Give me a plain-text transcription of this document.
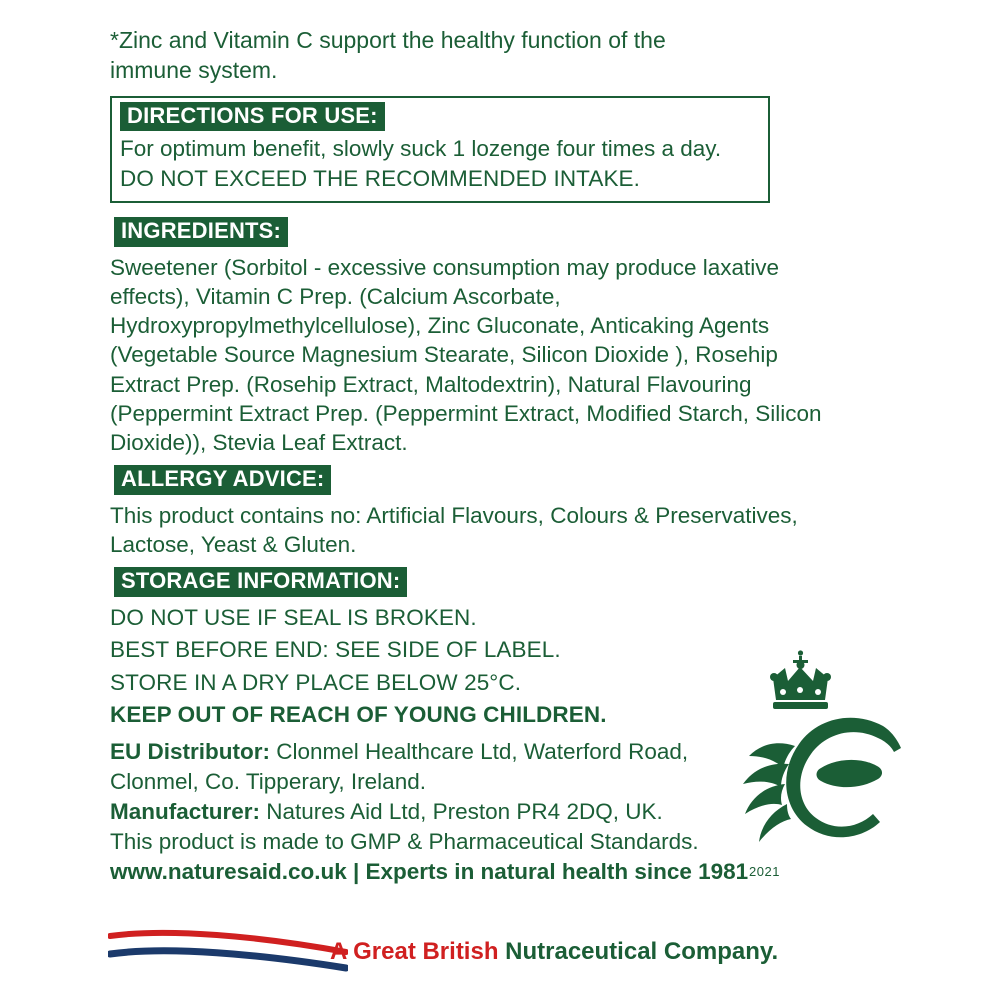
*Zinc and Vitamin C support the healthy function of the immune system.

DIRECTIONS FOR USE:

For optimum benefit, slowly suck 1 lozenge four times a day.

DO NOT EXCEED THE RECOMMENDED INTAKE.

INGREDIENTS:

Sweetener (Sorbitol - excessive consumption may produce laxative effects), Vitamin C Prep. (Calcium Ascorbate, Hydroxypropylmethylcellulose), Zinc Gluconate, Anticaking Agents (Vegetable Source Magnesium Stearate, Silicon Dioxide ), Rosehip Extract Prep. (Rosehip Extract, Maltodextrin), Natural Flavouring (Peppermint Extract Prep. (Peppermint Extract, Modified Starch, Silicon Dioxide)), Stevia Leaf Extract.

ALLERGY ADVICE:

This product contains no: Artificial Flavours, Colours & Preservatives, Lactose, Yeast & Gluten.

STORAGE INFORMATION:

DO NOT USE IF SEAL IS BROKEN.

BEST BEFORE END: SEE SIDE OF LABEL.

STORE IN A DRY PLACE BELOW 25°C.

KEEP OUT OF REACH OF YOUNG CHILDREN.

EU Distributor: Clonmel Healthcare Ltd, Waterford Road, Clonmel, Co. Tipperary, Ireland.
Manufacturer: Natures Aid Ltd, Preston PR4 2DQ, UK.
This product is made to GMP & Pharmaceutical Standards.
www.naturesaid.co.uk | Experts in natural health since 1981 2021
A Great British Nutraceutical Company.
